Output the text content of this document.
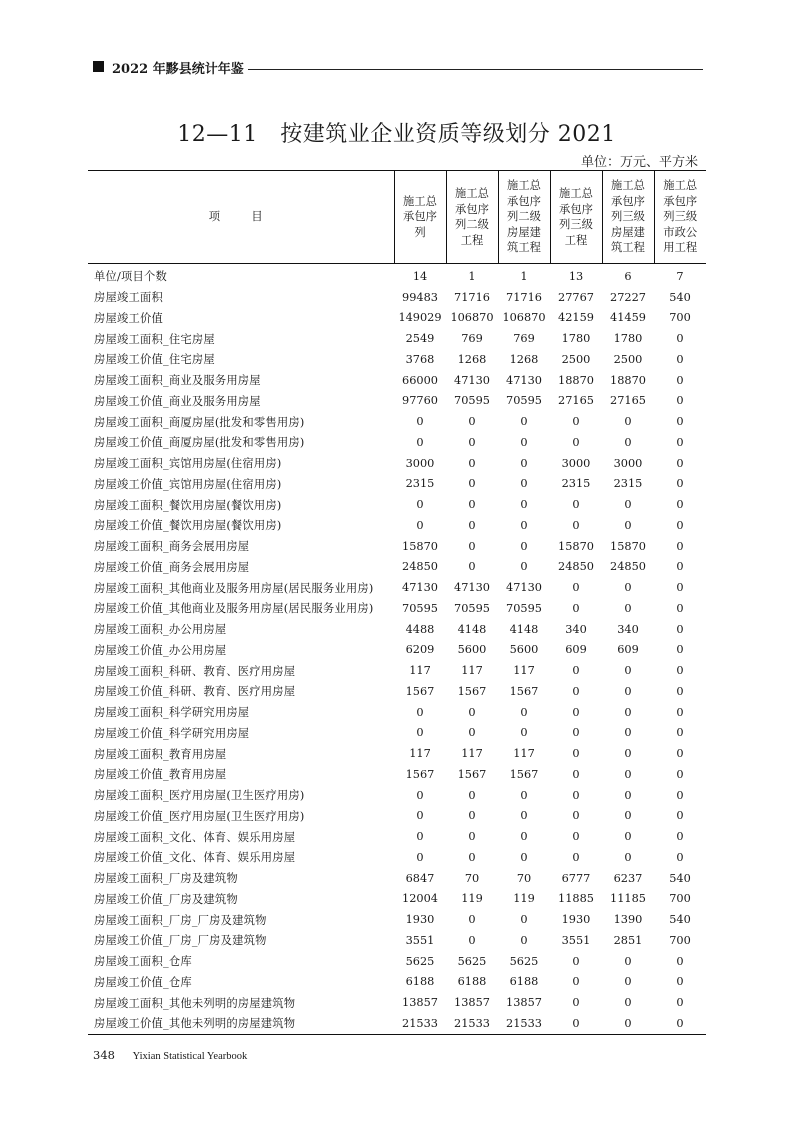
2022 年黟县统计年鉴
12—11　按建筑业企业资质等级划分 2021
单位：万元、平方米
项　目	施工总承包序列	施工总承包序列二级工程	施工总承包序列二级房屋建筑工程	施工总承包序列三级工程	施工总承包序列三级房屋建筑工程	施工总承包序列三级市政公用工程

单位/项目个数	14	1	1	13	6	7
房屋竣工面积	99483	71716	71716	27767	27227	540
房屋竣工价值	149029	106870	106870	42159	41459	700
房屋竣工面积_住宅房屋	2549	769	769	1780	1780	0
房屋竣工价值_住宅房屋	3768	1268	1268	2500	2500	0
房屋竣工面积_商业及服务用房屋	66000	47130	47130	18870	18870	0
房屋竣工价值_商业及服务用房屋	97760	70595	70595	27165	27165	0
房屋竣工面积_商厦房屋(批发和零售用房)	0	0	0	0	0	0
房屋竣工价值_商厦房屋(批发和零售用房)	0	0	0	0	0	0
房屋竣工面积_宾馆用房屋(住宿用房)	3000	0	0	3000	3000	0
房屋竣工价值_宾馆用房屋(住宿用房)	2315	0	0	2315	2315	0
房屋竣工面积_餐饮用房屋(餐饮用房)	0	0	0	0	0	0
房屋竣工价值_餐饮用房屋(餐饮用房)	0	0	0	0	0	0
房屋竣工面积_商务会展用房屋	15870	0	0	15870	15870	0
房屋竣工价值_商务会展用房屋	24850	0	0	24850	24850	0
房屋竣工面积_其他商业及服务用房屋(居民服务业用房)	47130	47130	47130	0	0	0
房屋竣工价值_其他商业及服务用房屋(居民服务业用房)	70595	70595	70595	0	0	0
房屋竣工面积_办公用房屋	4488	4148	4148	340	340	0
房屋竣工价值_办公用房屋	6209	5600	5600	609	609	0
房屋竣工面积_科研、教育、医疗用房屋	117	117	117	0	0	0
房屋竣工价值_科研、教育、医疗用房屋	1567	1567	1567	0	0	0
房屋竣工面积_科学研究用房屋	0	0	0	0	0	0
房屋竣工价值_科学研究用房屋	0	0	0	0	0	0
房屋竣工面积_教育用房屋	117	117	117	0	0	0
房屋竣工价值_教育用房屋	1567	1567	1567	0	0	0
房屋竣工面积_医疗用房屋(卫生医疗用房)	0	0	0	0	0	0
房屋竣工价值_医疗用房屋(卫生医疗用房)	0	0	0	0	0	0
房屋竣工面积_文化、体育、娱乐用房屋	0	0	0	0	0	0
房屋竣工价值_文化、体育、娱乐用房屋	0	0	0	0	0	0
房屋竣工面积_厂房及建筑物	6847	70	70	6777	6237	540
房屋竣工价值_厂房及建筑物	12004	119	119	11885	11185	700
房屋竣工面积_厂房_厂房及建筑物	1930	0	0	1930	1390	540
房屋竣工价值_厂房_厂房及建筑物	3551	0	0	3551	2851	700
房屋竣工面积_仓库	5625	5625	5625	0	0	0
房屋竣工价值_仓库	6188	6188	6188	0	0	0
房屋竣工面积_其他未列明的房屋建筑物	13857	13857	13857	0	0	0
房屋竣工价值_其他未列明的房屋建筑物	21533	21533	21533	0	0	0
348 Yixian Statistical Yearbook
